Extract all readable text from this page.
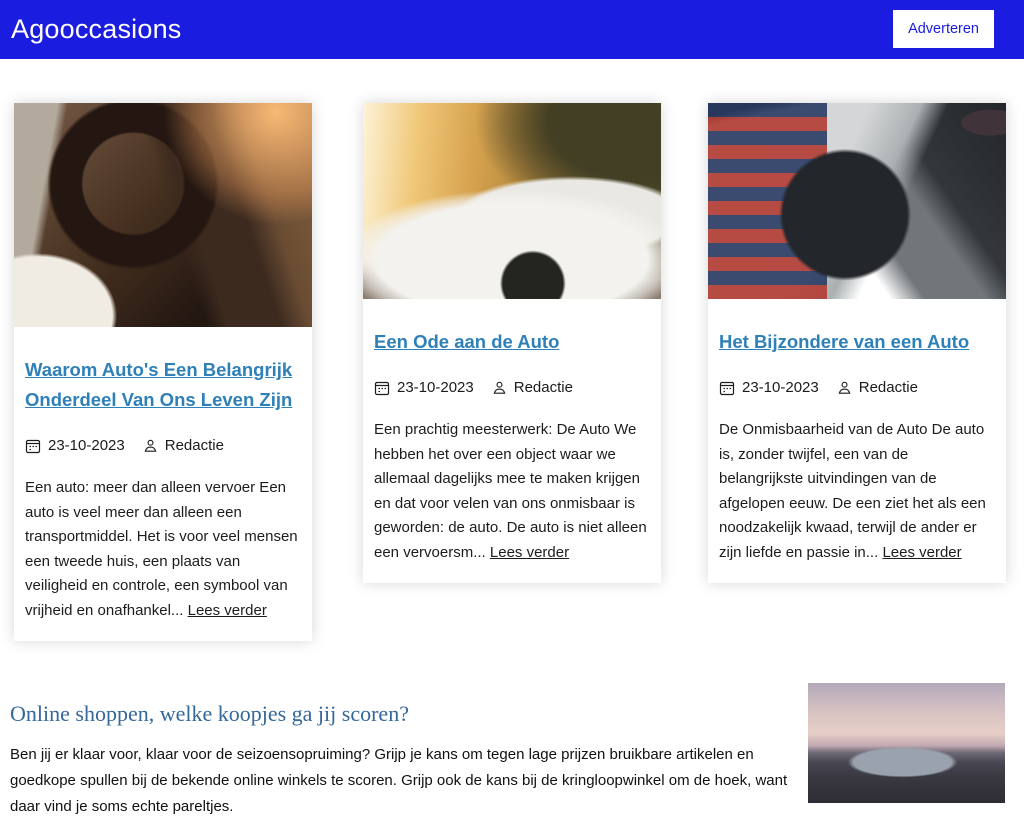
Agooccasions	Adverteren
Waarom Auto's Een Belangrijk Onderdeel Van Ons Leven Zijn
23-10-2023	Redactie

Een auto: meer dan alleen vervoer Een auto is veel meer dan alleen een transportmiddel. Het is voor veel mensen een tweede huis, een plaats van veiligheid en controle, een symbool van vrijheid en onafhankel... Lees verder

Een Ode aan de Auto
23-10-2023	Redactie

Een prachtig meesterwerk: De Auto We hebben het over een object waar we allemaal dagelijks mee te maken krijgen en dat voor velen van ons onmisbaar is geworden: de auto. De auto is niet alleen een vervoersm... Lees verder

Het Bijzondere van een Auto
23-10-2023	Redactie

De Onmisbaarheid van de Auto De auto is, zonder twijfel, een van de belangrijkste uitvindingen van de afgelopen eeuw. De een ziet het als een noodzakelijk kwaad, terwijl de ander er zijn liefde en passie in... Lees verder

Online shoppen, welke koopjes ga jij scoren?

Ben jij er klaar voor, klaar voor de seizoensopruiming? Grijp je kans om tegen lage prijzen bruikbare artikelen en goedkope spullen bij de bekende online winkels te scoren. Grijp ook de kans bij de kringloopwinkel om de hoek, want daar vind je soms echte pareltjes.
